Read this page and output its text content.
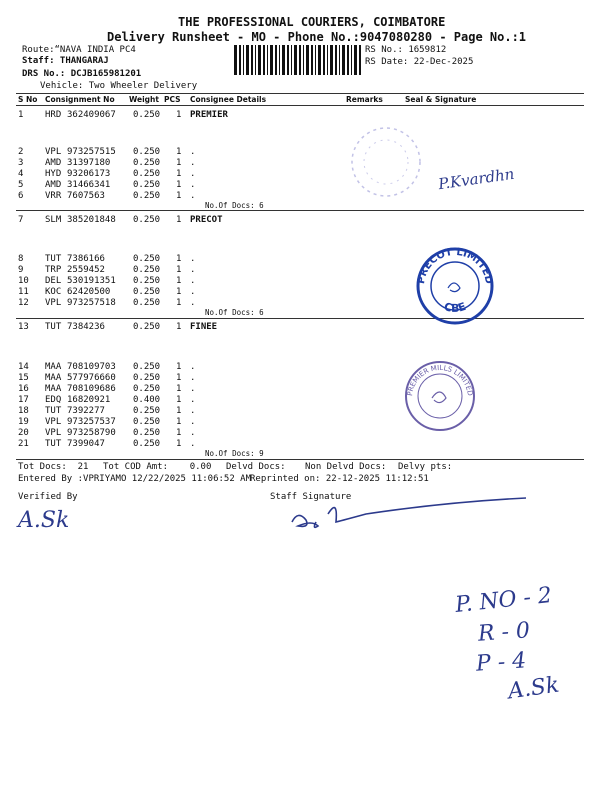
THE PROFESSIONAL COURIERS, COIMBATORE
Delivery Runsheet - MO - Phone No.:9047080280 - Page No.:1
Route:“NAVA INDIA PC4
Staff: THANGARAJ
DRS No.: DCJB165981201
Vehicle: Two Wheeler Delivery
RS No.: 1659812
RS Date: 22-Dec-2025
S No Consignment No Weight PCS Consignee Details	Remarks	Seal & Signature
1 HRD 362409067 0.250 1 PREMIER
2 VPL 973257515 0.250 1 .
3 AMD 31397180	0.250 1 .
4 HYD 93206173	0.250 1 .
5 AMD 31466341	0.250 1 .
6 VRR 7607563	0.250 1 .
No.Of Docs: 6
7 SLM 385201848 0.250 1 PRECOT
8 TUT 7386166	0.250 1 .
9 TRP 2559452	0.250 1 .
10 DEL 530191351 0.250 1 .
11 KOC 62420500	0.250 1 .
12 VPL 973257518 0.250 1 .
No.Of Docs: 6
13 TUT 7384236	0.250 1 FINEE
14 MAA 708109703 0.250 1 .
15 MAA 577976660 0.250 1 .
16 MAA 708109686 0.250 1 .
17 EDQ 16820921	0.400 1 .
18 TUT 7392277	0.250 1 .
19 VPL 973257537 0.250 1 .
20 VPL 973258790 0.250 1 .
21 TUT 7399047	0.250 1 .
No.Of Docs: 9
Tot Docs:  21 Tot COD Amt:    0.00 Delvd Docs: Non Delvd Docs: Delvy pts:
Entered By :VPRIYAMO 12/22/2025 11:06:52 AM Reprinted on: 22-12-2025 11:12:51
Verified By	Staff Signature
PRECOT LIMITED
CBE
PREMIER MILLS LIMITED
P.Kvardhn
A.Sk
P. NO - 2
R - 0
P - 4
A.Sk
